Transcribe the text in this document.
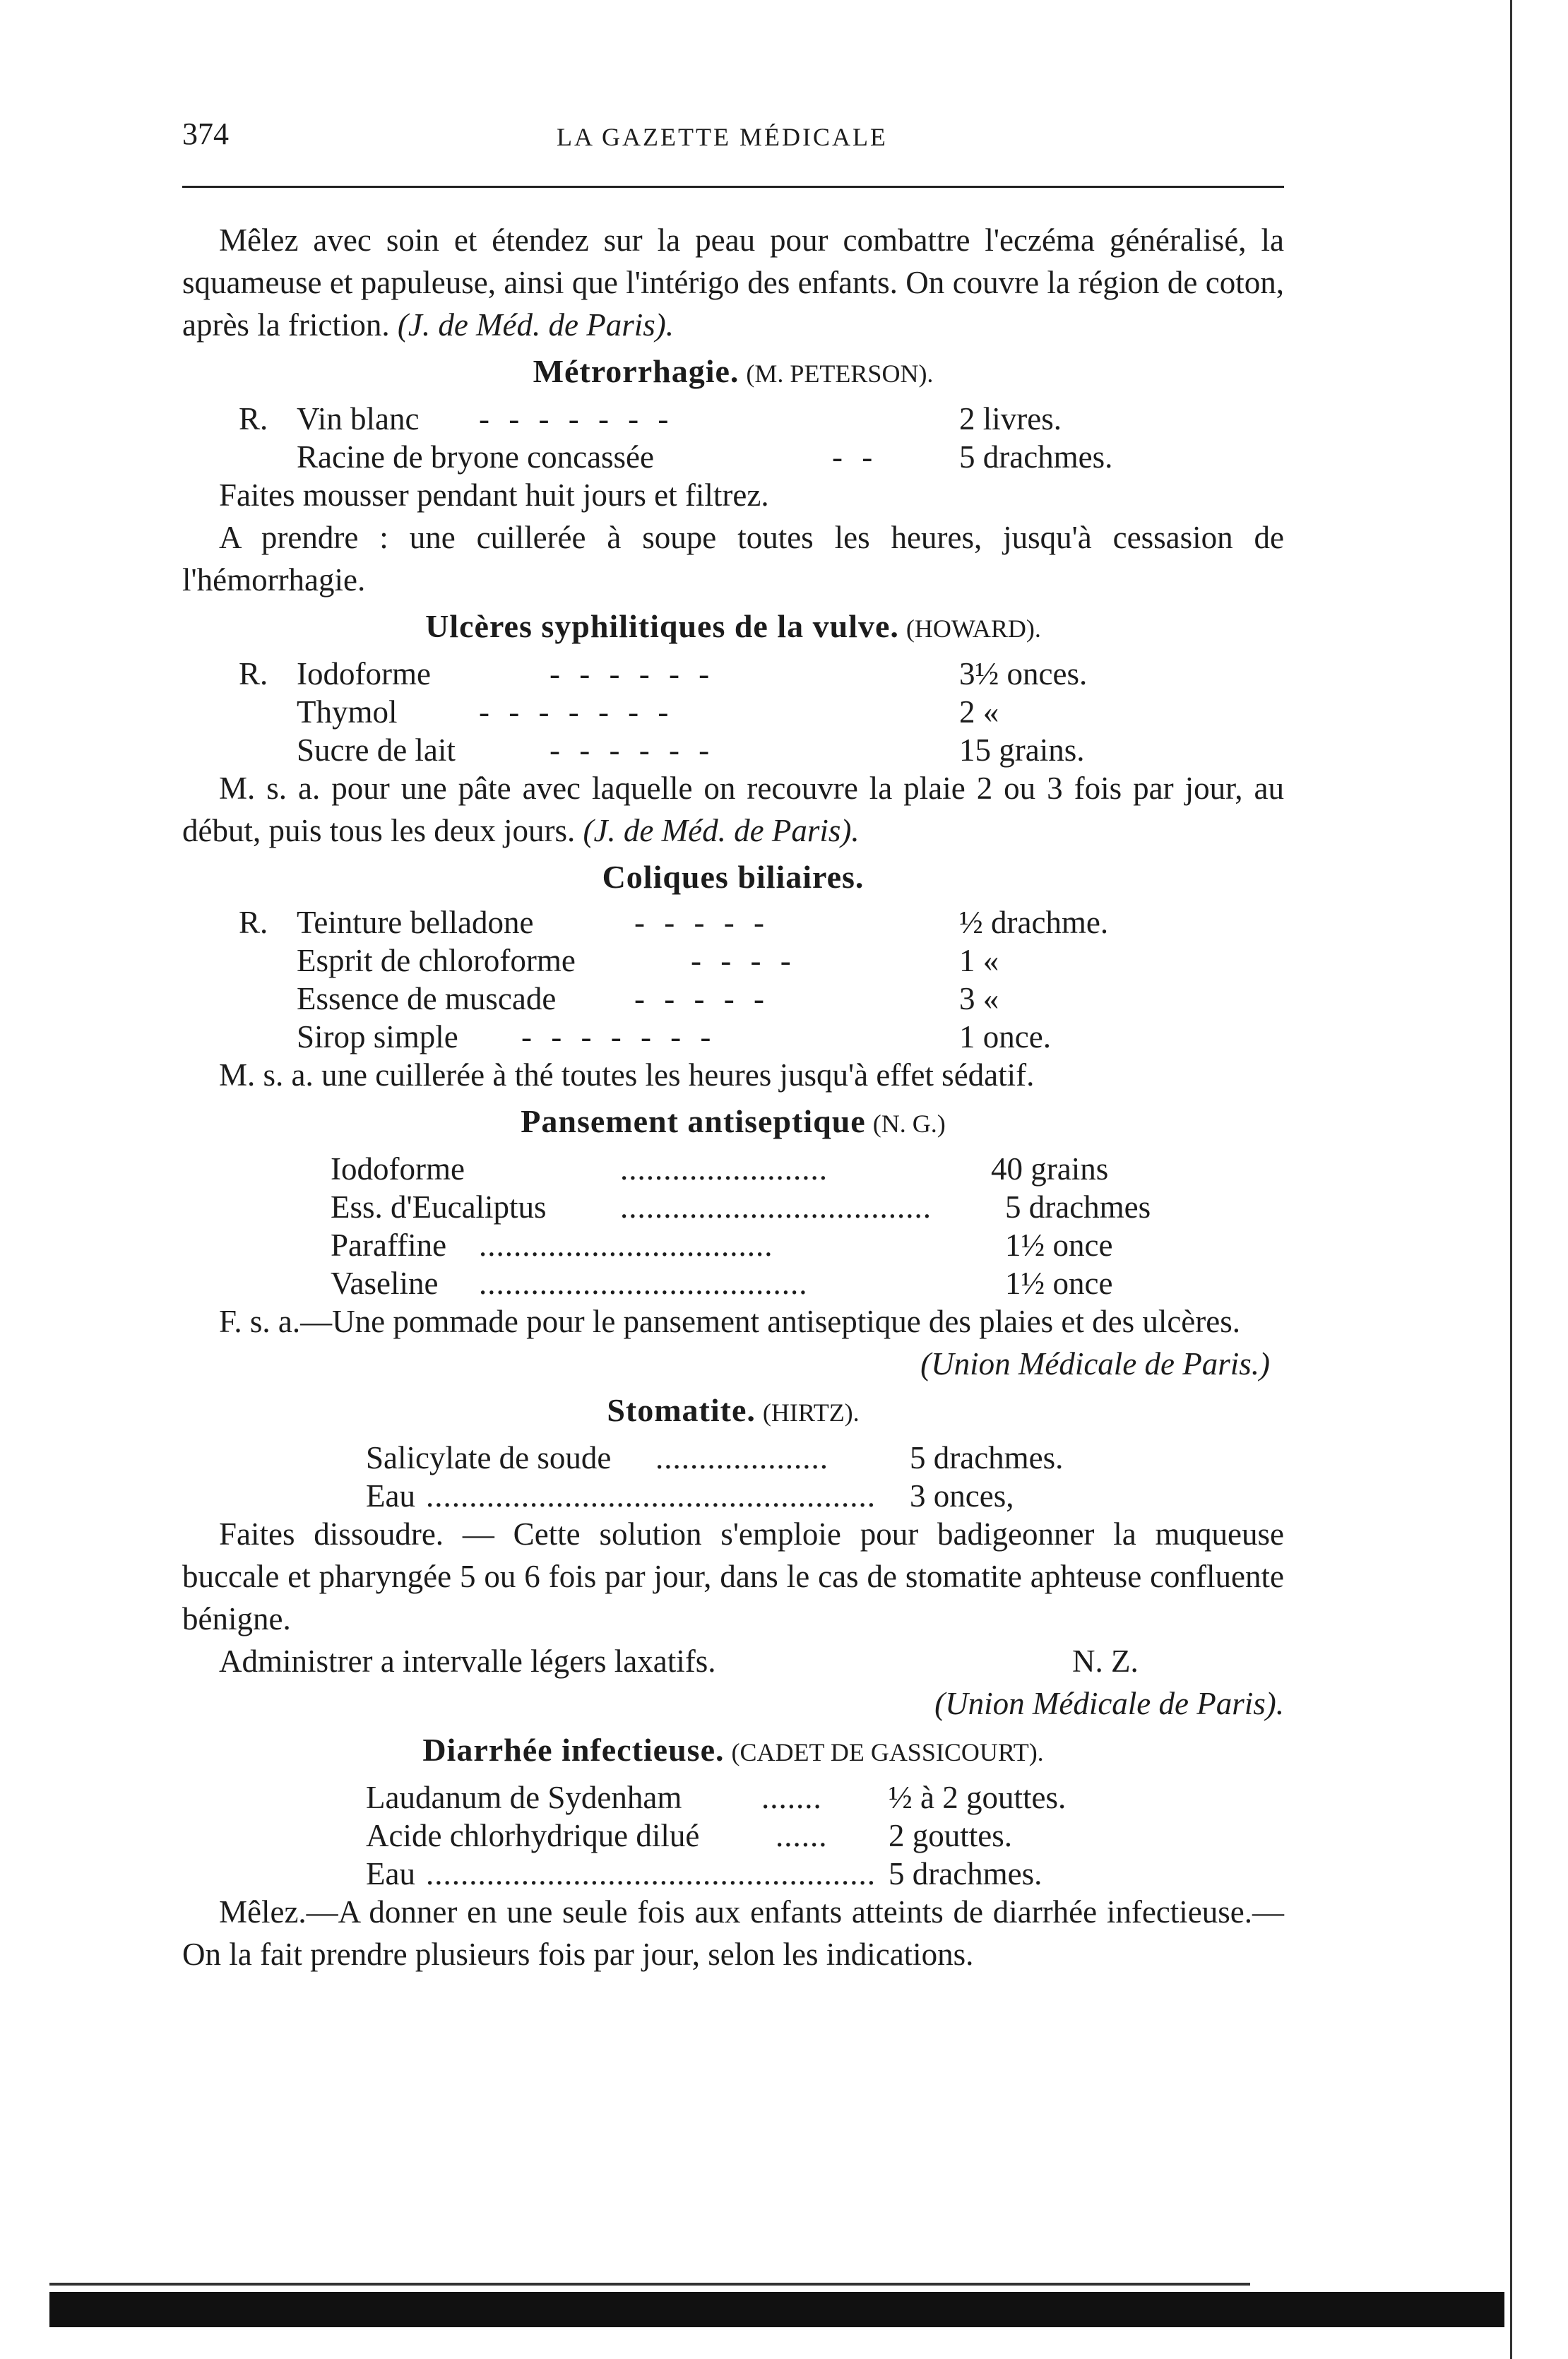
374	LA GAZETTE MÉDICALE

Mêlez avec soin et étendez sur la peau pour combattre l'eczéma généralisé, la squameuse et papuleuse, ainsi que l'intérigo des enfants. On couvre la région de coton, après la friction. (J. de Méd. de Paris).

Métrorrhagie. (M. PETERSON).
R. Vin blanc - - - - - - -	2 livres.
Racine de bryone concassée	- -	5 drachmes.

Faites mousser pendant huit jours et filtrez.

A prendre : une cuillerée à soupe toutes les heures, jusqu'à cessasion de l'hémorrhagie.

Ulcères syphilitiques de la vulve. (HOWARD).
R. Iodoforme	- - - - - -	3½ onces.
Thymol	- - - - - - -	2 «
Sucre de lait	- - - - - -	15 grains.

M. s. a. pour une pâte avec laquelle on recouvre la plaie 2 ou 3 fois par jour, au début, puis tous les deux jours. (J. de Méd. de Paris).

Coliques biliaires.
R. Teinture belladone	- - - - -	½ drachme.
Esprit de chloroforme	- - - -	1 «
Essence de muscade - - - - -	3 «
Sirop simple - - - - - - -	1 once.

M. s. a. une cuillerée à thé toutes les heures jusqu'à effet sédatif.

Pansement antiseptique (N. G.)
Iodoforme	........................	40 grains
Ess. d'Eucaliptus .................................... 5 drachmes
Paraffine ..................................	1½ once
Vaseline ......................................	1½ once

F. s. a.—Une pommade pour le pansement antiseptique des plaies et des ulcères.

(Union Médicale de Paris.)

Stomatite. (HIRTZ).
Salicylate de soude ....................	5 drachmes.
Eau .................................................... 3 onces,

Faites dissoudre. — Cette solution s'emploie pour badigeonner la muqueuse buccale et pharyngée 5 ou 6 fois par jour, dans le cas de stomatite aphteuse confluente bénigne.

Administrer a intervalle légers laxatifs.	N. Z.

(Union Médicale de Paris).

Diarrhée infectieuse. (CADET DE GASSICOURT).
Laudanum de Sydenham	....... ½ à 2 gouttes.
Acide chlorhydrique dilué ...... 2 gouttes.
Eau .................................................... 5 drachmes.

Mêlez.—A donner en une seule fois aux enfants atteints de diarrhée infectieuse.—On la fait prendre plusieurs fois par jour, selon les indications.
